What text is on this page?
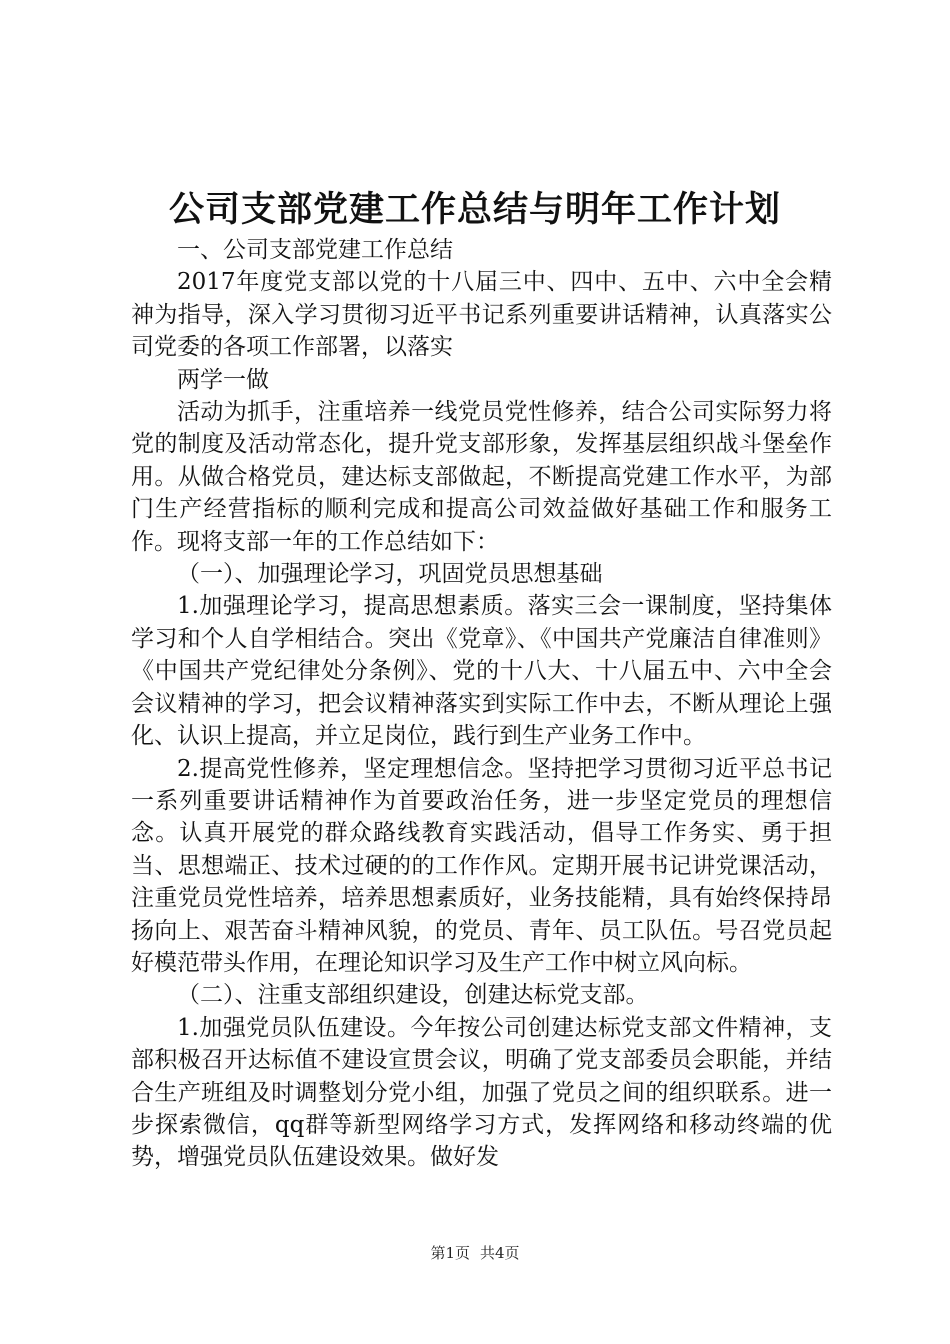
公司支部党建工作总结与明年工作计划

一、公司支部党建工作总结

2017年度党支部以党的十八届三中、四中、五中、六中全会精神为指导，深入学习贯彻习近平书记系列重要讲话精神，认真落实公司党委的各项工作部署，以落实

两学一做

活动为抓手，注重培养一线党员党性修养，结合公司实际努力将党的制度及活动常态化，提升党支部形象，发挥基层组织战斗堡垒作用。从做合格党员，建达标支部做起，不断提高党建工作水平，为部门生产经营指标的顺利完成和提高公司效益做好基础工作和服务工作。现将支部一年的工作总结如下：

（一）、加强理论学习，巩固党员思想基础

1.加强理论学习，提高思想素质。落实三会一课制度，坚持集体学习和个人自学相结合。突出《党章》、《中国共产党廉洁自律准则》《中国共产党纪律处分条例》、党的十八大、十八届五中、六中全会会议精神的学习，把会议精神落实到实际工作中去，不断从理论上强化、认识上提高，并立足岗位，践行到生产业务工作中。

2.提高党性修养，坚定理想信念。坚持把学习贯彻习近平总书记一系列重要讲话精神作为首要政治任务，进一步坚定党员的理想信念。认真开展党的群众路线教育实践活动，倡导工作务实、勇于担当、思想端正、技术过硬的的工作作风。定期开展书记讲党课活动，注重党员党性培养，培养思想素质好，业务技能精，具有始终保持昂扬向上、艰苦奋斗精神风貌，的党员、青年、员工队伍。号召党员起好模范带头作用，在理论知识学习及生产工作中树立风向标。

（二）、注重支部组织建设，创建达标党支部。

1.加强党员队伍建设。今年按公司创建达标党支部文件精神，支部积极召开达标值不建设宣贯会议，明确了党支部委员会职能，并结合生产班组及时调整划分党小组，加强了党员之间的组织联系。进一步探索微信，qq群等新型网络学习方式，发挥网络和移动终端的优势，增强党员队伍建设效果。做好发

第1页 共4页
